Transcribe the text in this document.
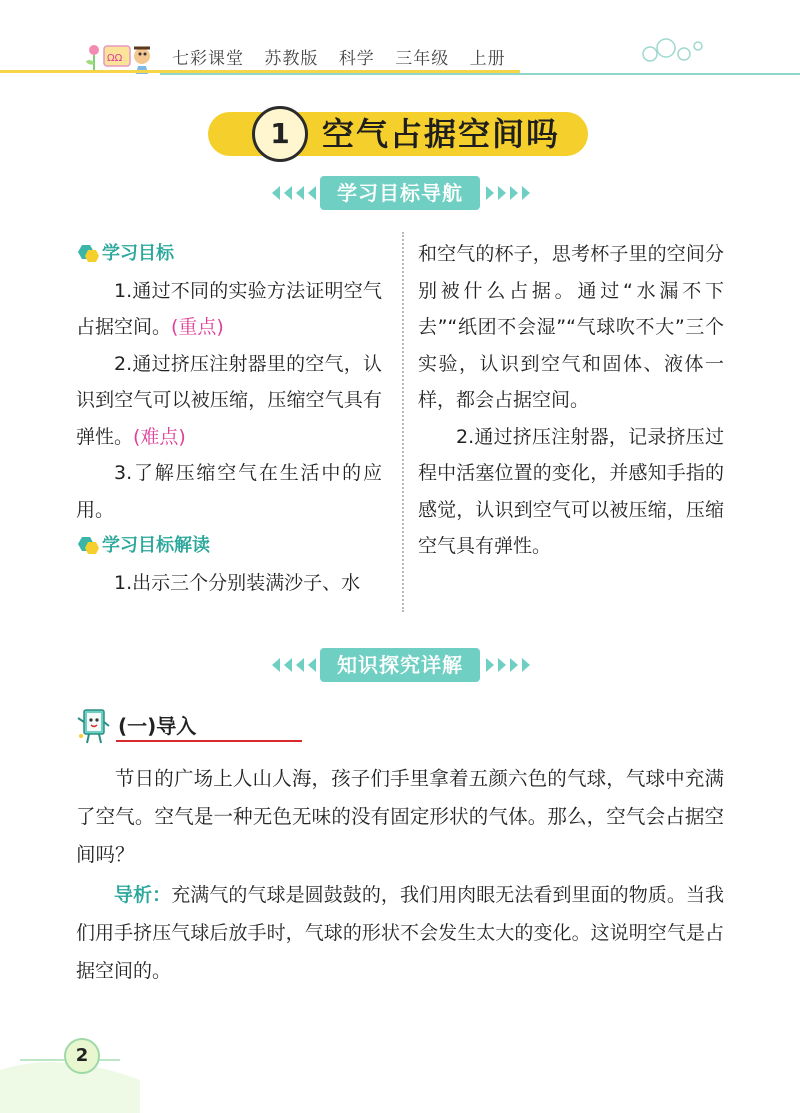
ΩΩ	七彩课堂 苏教版 科学 三年级 上册
1	空气占据空间吗
学习目标导航
学习目标

1.通过不同的实验方法证明空气占据空间。(重点)

2.通过挤压注射器里的空气，认识到空气可以被压缩，压缩空气具有弹性。(难点)

3.了解压缩空气在生活中的应用。

学习目标解读

1.出示三个分别装满沙子、水

和空气的杯子，思考杯子里的空间分别被什么占据。通过“水漏不下去”“纸团不会湿”“气球吹不大”三个实验，认识到空气和固体、液体一样，都会占据空间。

2.通过挤压注射器，记录挤压过程中活塞位置的变化，并感知手指的感觉，认识到空气可以被压缩，压缩空气具有弹性。

知识探究详解
(一)导入
节日的广场上人山人海，孩子们手里拿着五颜六色的气球，气球中充满了空气。空气是一种无色无味的没有固定形状的气体。那么，空气会占据空间吗？
导析：充满气的气球是圆鼓鼓的，我们用肉眼无法看到里面的物质。当我们用手挤压气球后放手时，气球的形状不会发生太大的变化。这说明空气是占据空间的。
2
